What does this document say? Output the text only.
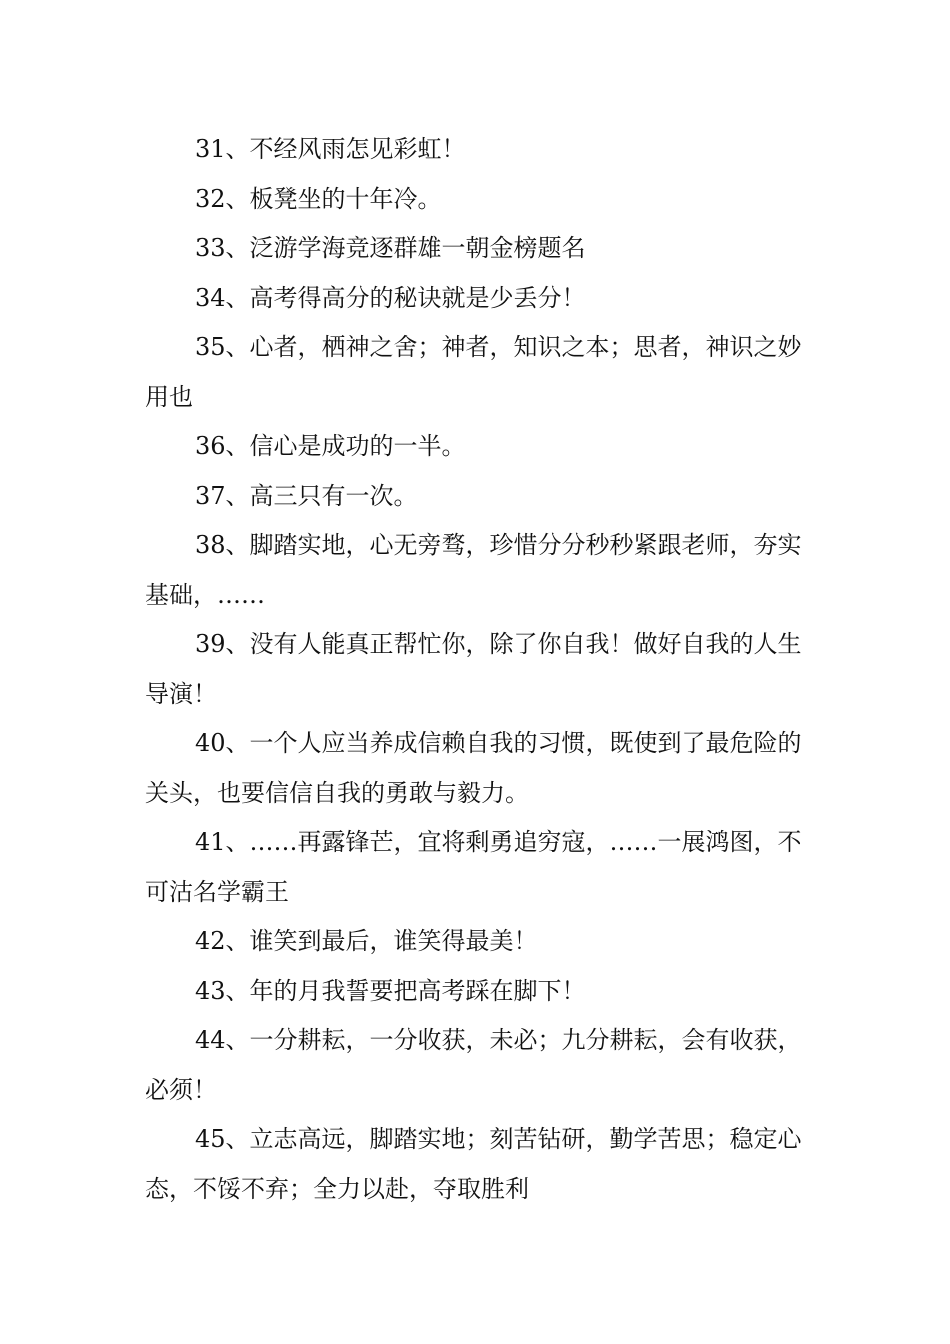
31、不经风雨怎见彩虹！

32、板凳坐的十年冷。

33、泛游学海竞逐群雄一朝金榜题名

34、高考得高分的秘诀就是少丢分！

35、心者，栖神之舍；神者，知识之本；思者，神识之妙用也

36、信心是成功的一半。

37、高三只有一次。

38、脚踏实地，心无旁骛，珍惜分分秒秒紧跟老师，夯实基础，……

39、没有人能真正帮忙你，除了你自我！做好自我的人生导演！

40、一个人应当养成信赖自我的习惯，既使到了最危险的关头，也要信信自我的勇敢与毅力。

41、……再露锋芒，宜将剩勇追穷寇，……一展鸿图，不可沽名学霸王

42、谁笑到最后，谁笑得最美！

43、年的月我誓要把高考踩在脚下！

44、一分耕耘，一分收获，未必；九分耕耘，会有收获，必须！

45、立志高远，脚踏实地；刻苦钻研，勤学苦思；稳定心态，不馁不弃；全力以赴，夺取胜利
